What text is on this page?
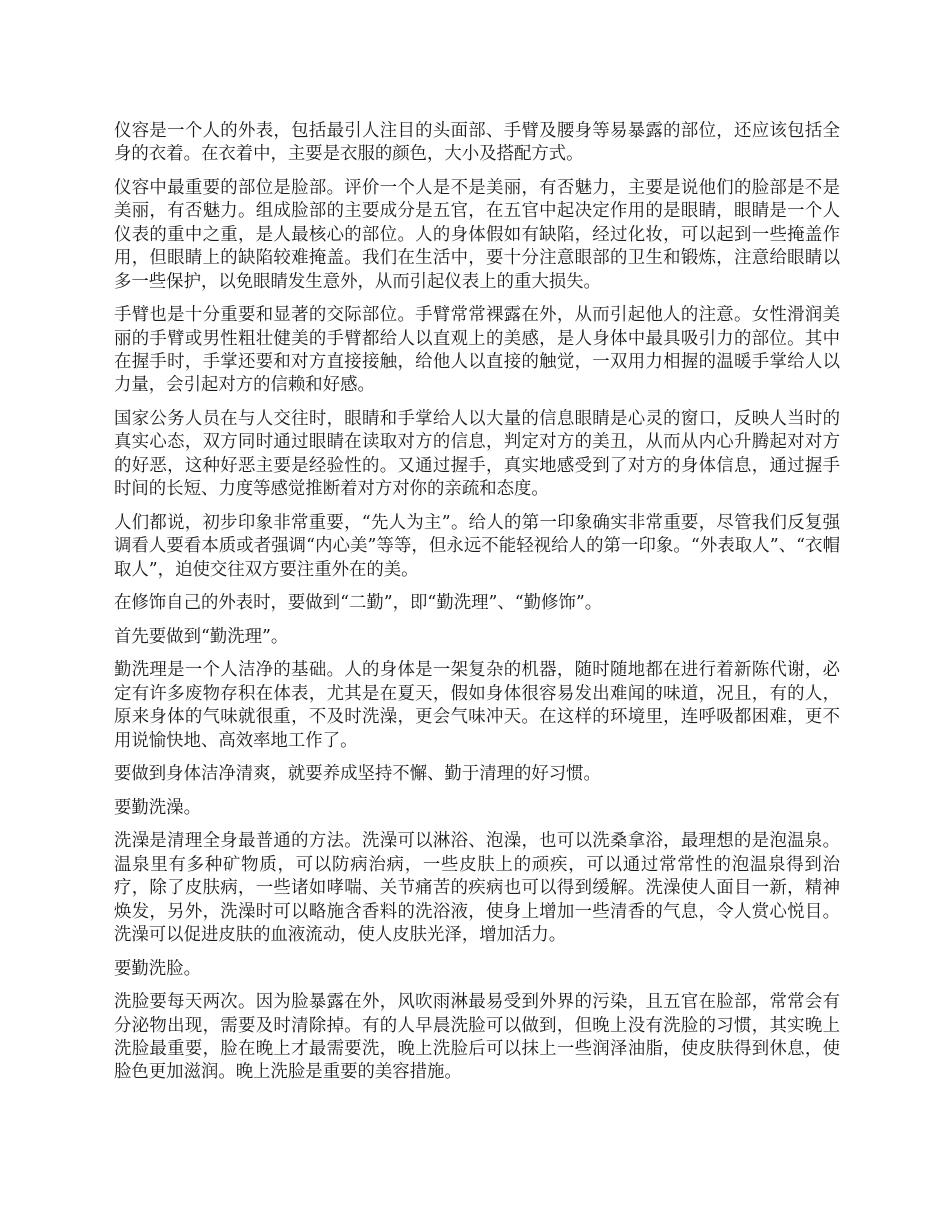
仪容是一个人的外表，包括最引人注目的头面部、手臂及腰身等易暴露的部位，还应该包括全身的衣着。在衣着中，主要是衣服的颜色，大小及搭配方式。

仪容中最重要的部位是脸部。评价一个人是不是美丽，有否魅力，主要是说他们的脸部是不是美丽，有否魅力。组成脸部的主要成分是五官，在五官中起决定作用的是眼睛，眼睛是一个人仪表的重中之重，是人最核心的部位。人的身体假如有缺陷，经过化妆，可以起到一些掩盖作用，但眼睛上的缺陷较难掩盖。我们在生活中，要十分注意眼部的卫生和锻炼，注意给眼睛以多一些保护，以免眼睛发生意外，从而引起仪表上的重大损失。

手臂也是十分重要和显著的交际部位。手臂常常裸露在外，从而引起他人的注意。女性滑润美丽的手臂或男性粗壮健美的手臂都给人以直观上的美感，是人身体中最具吸引力的部位。其中在握手时，手掌还要和对方直接接触，给他人以直接的触觉，一双用力相握的温暖手掌给人以力量，会引起对方的信赖和好感。

国家公务人员在与人交往时，眼睛和手掌给人以大量的信息眼睛是心灵的窗口，反映人当时的真实心态，双方同时通过眼睛在读取对方的信息，判定对方的美丑，从而从内心升腾起对对方的好恶，这种好恶主要是经验性的。又通过握手，真实地感受到了对方的身体信息，通过握手时间的长短、力度等感觉推断着对方对你的亲疏和态度。

人们都说，初步印象非常重要，“先人为主”。给人的第一印象确实非常重要，尽管我们反复强调看人要看本质或者强调“内心美”等等，但永远不能轻视给人的第一印象。“外表取人”、“衣帽取人”，迫使交往双方要注重外在的美。

在修饰自己的外表时，要做到“二勤”，即“勤洗理”、“勤修饰”。

首先要做到“勤洗理”。

勤洗理是一个人洁净的基础。人的身体是一架复杂的机器，随时随地都在进行着新陈代谢，必定有许多废物存积在体表，尤其是在夏天，假如身体很容易发出难闻的味道，况且，有的人，原来身体的气味就很重，不及时洗澡，更会气味冲天。在这样的环境里，连呼吸都困难，更不用说愉快地、高效率地工作了。

要做到身体洁净清爽，就要养成坚持不懈、勤于清理的好习惯。

要勤洗澡。

洗澡是清理全身最普通的方法。洗澡可以淋浴、泡澡，也可以洗桑拿浴，最理想的是泡温泉。温泉里有多种矿物质，可以防病治病，一些皮肤上的顽疾，可以通过常常性的泡温泉得到治疗，除了皮肤病，一些诸如哮喘、关节痛苦的疾病也可以得到缓解。洗澡使人面目一新，精神焕发，另外，洗澡时可以略施含香料的洗浴液，使身上增加一些清香的气息，令人赏心悦目。洗澡可以促进皮肤的血液流动，使人皮肤光泽，增加活力。

要勤洗脸。

洗脸要每天两次。因为脸暴露在外，风吹雨淋最易受到外界的污染，且五官在脸部，常常会有分泌物出现，需要及时清除掉。有的人早晨洗脸可以做到，但晚上没有洗脸的习惯，其实晚上洗脸最重要，脸在晚上才最需要洗，晚上洗脸后可以抹上一些润泽油脂，使皮肤得到休息，使脸色更加滋润。晚上洗脸是重要的美容措施。
